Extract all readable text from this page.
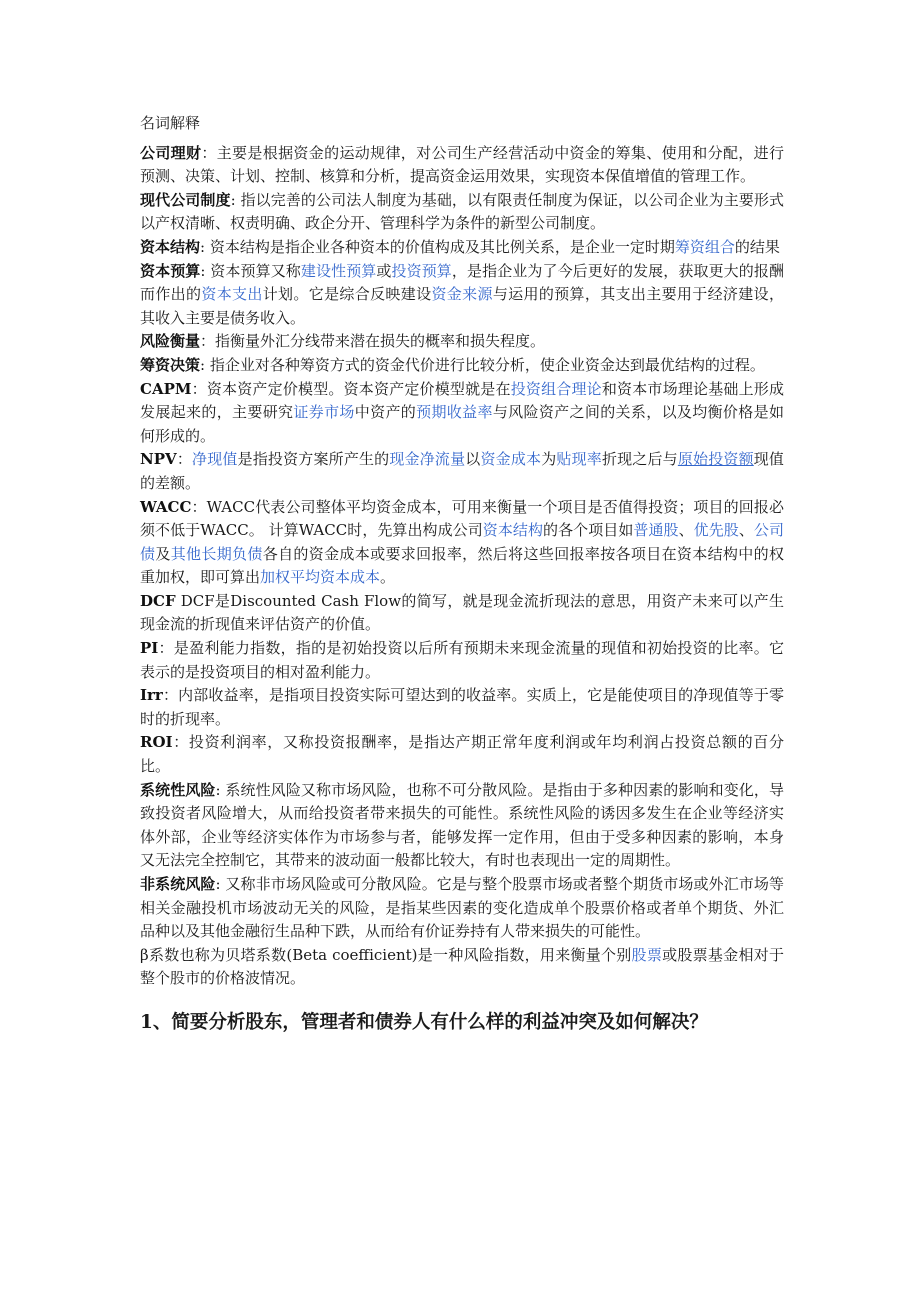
名词解释

公司理财：主要是根据资金的运动规律，对公司生产经营活动中资金的筹集、使用和分配，进行预测、决策、计划、控制、核算和分析，提高资金运用效果，实现资本保值增值的管理工作。

现代公司制度: 指以完善的公司法人制度为基础，以有限责任制度为保证，以公司企业为主要形式以产权清晰、权责明确、政企分开、管理科学为条件的新型公司制度。

资本结构: 资本结构是指企业各种资本的价值构成及其比例关系，是企业一定时期筹资组合的结果

资本预算: 资本预算又称建设性预算或投资预算，是指企业为了今后更好的发展，获取更大的报酬而作出的资本支出计划。它是综合反映建设资金来源与运用的预算，其支出主要用于经济建设，其收入主要是债务收入。

风险衡量：指衡量外汇分线带来潜在损失的概率和损失程度。

筹资决策: 指企业对各种筹资方式的资金代价进行比较分析，使企业资金达到最优结构的过程。

CAPM：资本资产定价模型。资本资产定价模型就是在投资组合理论和资本市场理论基础上形成发展起来的，主要研究证券市场中资产的预期收益率与风险资产之间的关系，以及均衡价格是如何形成的。

NPV：净现值是指投资方案所产生的现金净流量以资金成本为贴现率折现之后与原始投资额现值的差额。

WACC：WACC代表公司整体平均资金成本，可用来衡量一个项目是否值得投资；项目的回报必须不低于WACC。 计算WACC时，先算出构成公司资本结构的各个项目如普通股、优先股、公司债及其他长期负债各自的资金成本或要求回报率，然后将这些回报率按各项目在资本结构中的权重加权，即可算出加权平均资本成本。

DCF DCF是Discounted Cash Flow的简写，就是现金流折现法的意思，用资产未来可以产生现金流的折现值来评估资产的价值。

PI：是盈利能力指数，指的是初始投资以后所有预期未来现金流量的现值和初始投资的比率。它表示的是投资项目的相对盈利能力。

Irr：内部收益率，是指项目投资实际可望达到的收益率。实质上，它是能使项目的净现值等于零时的折现率。

ROI：投资利润率，又称投资报酬率，是指达产期正常年度利润或年均利润占投资总额的百分比。

系统性风险: 系统性风险又称市场风险，也称不可分散风险。是指由于多种因素的影响和变化，导致投资者风险增大，从而给投资者带来损失的可能性。系统性风险的诱因多发生在企业等经济实体外部，企业等经济实体作为市场参与者，能够发挥一定作用，但由于受多种因素的影响，本身又无法完全控制它，其带来的波动面一般都比较大，有时也表现出一定的周期性。

非系统风险: 又称非市场风险或可分散风险。它是与整个股票市场或者整个期货市场或外汇市场等相关金融投机市场波动无关的风险，是指某些因素的变化造成单个股票价格或者单个期货、外汇品种以及其他金融衍生品种下跌，从而给有价证券持有人带来损失的可能性。

β系数也称为贝塔系数(Beta coefficient)是一种风险指数，用来衡量个别股票或股票基金相对于整个股市的价格波情况。

1、简要分析股东，管理者和债券人有什么样的利益冲突及如何解决？
